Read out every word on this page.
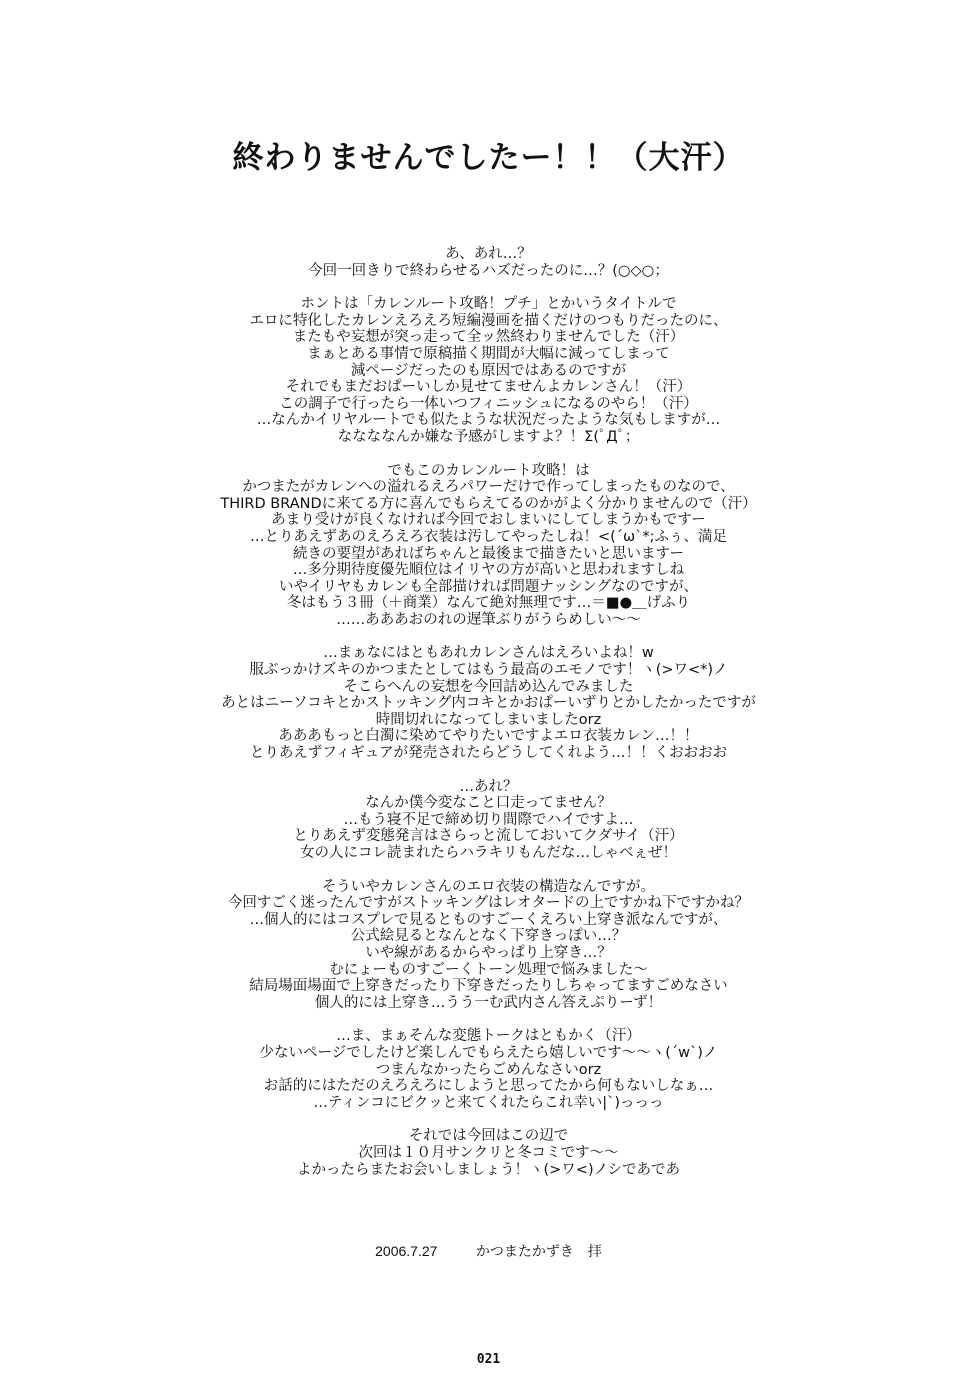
終わりませんでしたー！！（大汗）
あ、あれ…？
今回一回きりで終わらせるハズだったのに…？(○◇○；
ホントは「カレンルート攻略！プチ」とかいうタイトルで
エロに特化したカレンえろえろ短編漫画を描くだけのつもりだったのに、
またもや妄想が突っ走って全ッ然終わりませんでした（汗）
まぁとある事情で原稿描く期間が大幅に減ってしまって
減ページだったのも原因ではあるのですが
それでもまだおぱーいしか見せてませんよカレンさん！（汗）
この調子で行ったら一体いつフィニッシュになるのやら！（汗）
…なんかイリヤルートでも似たような状況だったような気もしますが…
ななななんか嫌な予感がしますよ？！Σ(ﾟДﾟ；
でもこのカレンルート攻略！は
かつまたがカレンへの溢れるえろパワーだけで作ってしまったものなので、
THIRD BRANDに来てる方に喜んでもらえてるのかがよく分かりませんので（汗）
あまり受けが良くなければ今回でおしまいにしてしまうかもですー
…とりあえずあのえろえろ衣装は汚してやったしね！<(´ω`*;ふぅ、満足
続きの要望があればちゃんと最後まで描きたいと思いますー
…多分期待度優先順位はイリヤの方が高いと思われますしね
いやイリヤもカレンも全部描ければ問題ナッシングなのですが、
冬はもう３冊（＋商業）なんて絶対無理です…＝■●＿げふり
……あああおのれの遅筆ぶりがうらめしい～～
…まぁなにはともあれカレンさんはえろいよね！w
服ぶっかけズキのかつまたとしてはもう最高のエモノです！ヽ(>ワ<*)ノ
そこらへんの妄想を今回詰め込んでみました
あとはニーソコキとかストッキング内コキとかおぱーいずりとかしたかったですが
時間切れになってしまいましたorz
あああもっと白濁に染めてやりたいですよエロ衣装カレン…！！
とりあえずフィギュアが発売されたらどうしてくれよう…！！くおおおお
…あれ？
なんか僕今変なこと口走ってません？
…もう寝不足で締め切り間際でハイですよ…
とりあえず変態発言はさらっと流しておいてクダサイ（汗）
女の人にコレ読まれたらハラキリもんだな…しゃべぇぜ！
そういやカレンさんのエロ衣装の構造なんですが。
今回すごく迷ったんですがストッキングはレオタードの上ですかね下ですかね？
…個人的にはコスプレで見るとものすごーくえろい上穿き派なんですが、
公式絵見るとなんとなく下穿きっぽい…？
いや線があるからやっぱり上穿き…？
むにょーものすごーくトーン処理で悩みました～
結局場面場面で上穿きだったり下穿きだったりしちゃってますごめなさい
個人的には上穿き…うう一む武内さん答えぷりーず！
…ま、まぁそんな変態トークはともかく（汗）
少ないページでしたけど楽しんでもらえたら嬉しいです～～ヽ(´w`)ノ
つまんなかったらごめんなさいorz
お話的にはただのえろえろにしようと思ってたから何もないしなぁ…
…ティンコにビクッと来てくれたらこれ幸い|`)っっっ
それでは今回はこの辺で
次回は１０月サンクリと冬コミです～～
よかったらまたお会いしましょう！ヽ(>ワ<)ノシであであ
2006.7.27	かつまたかずき　拝
021
